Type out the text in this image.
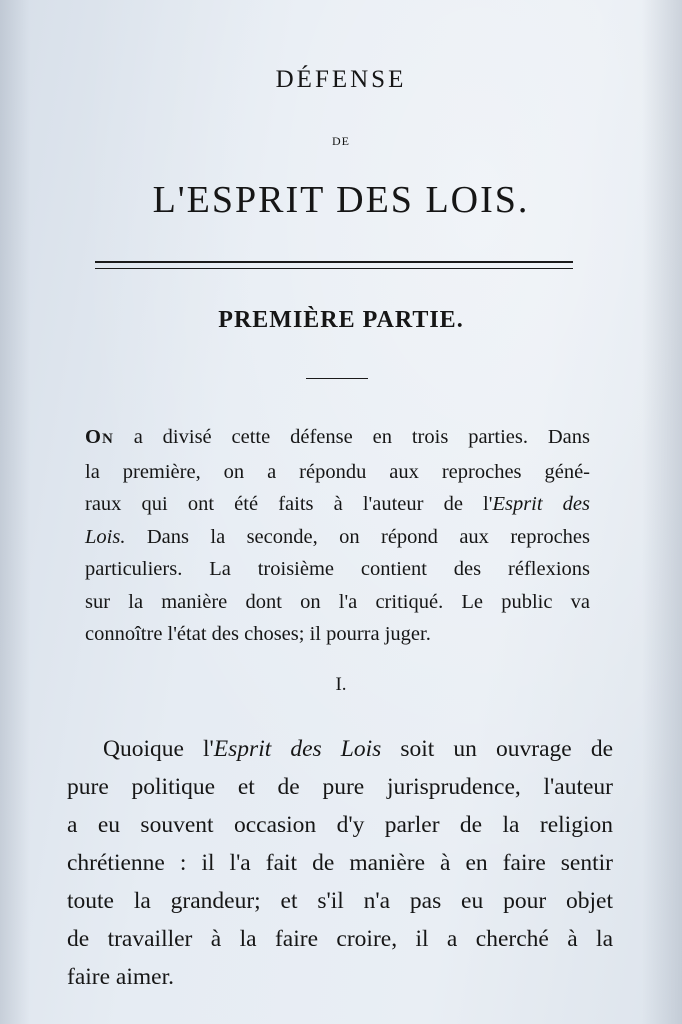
DÉFENSE
DE
L'ESPRIT DES LOIS.
PREMIÈRE PARTIE.
ON a divisé cette défense en trois parties. Dans
la première, on a répondu aux reproches géné-
raux qui ont été faits à l'auteur de l'Esprit des
Lois. Dans la seconde, on répond aux reproches
particuliers. La troisième contient des réflexions
sur la manière dont on l'a critiqué. Le public va
connoître l'état des choses; il pourra juger.
I.
Quoique l'Esprit des Lois soit un ouvrage de
pure politique et de pure jurisprudence, l'auteur
a eu souvent occasion d'y parler de la religion
chrétienne : il l'a fait de manière à en faire sentir
toute la grandeur; et s'il n'a pas eu pour objet
de travailler à la faire croire, il a cherché à la
faire aimer.
